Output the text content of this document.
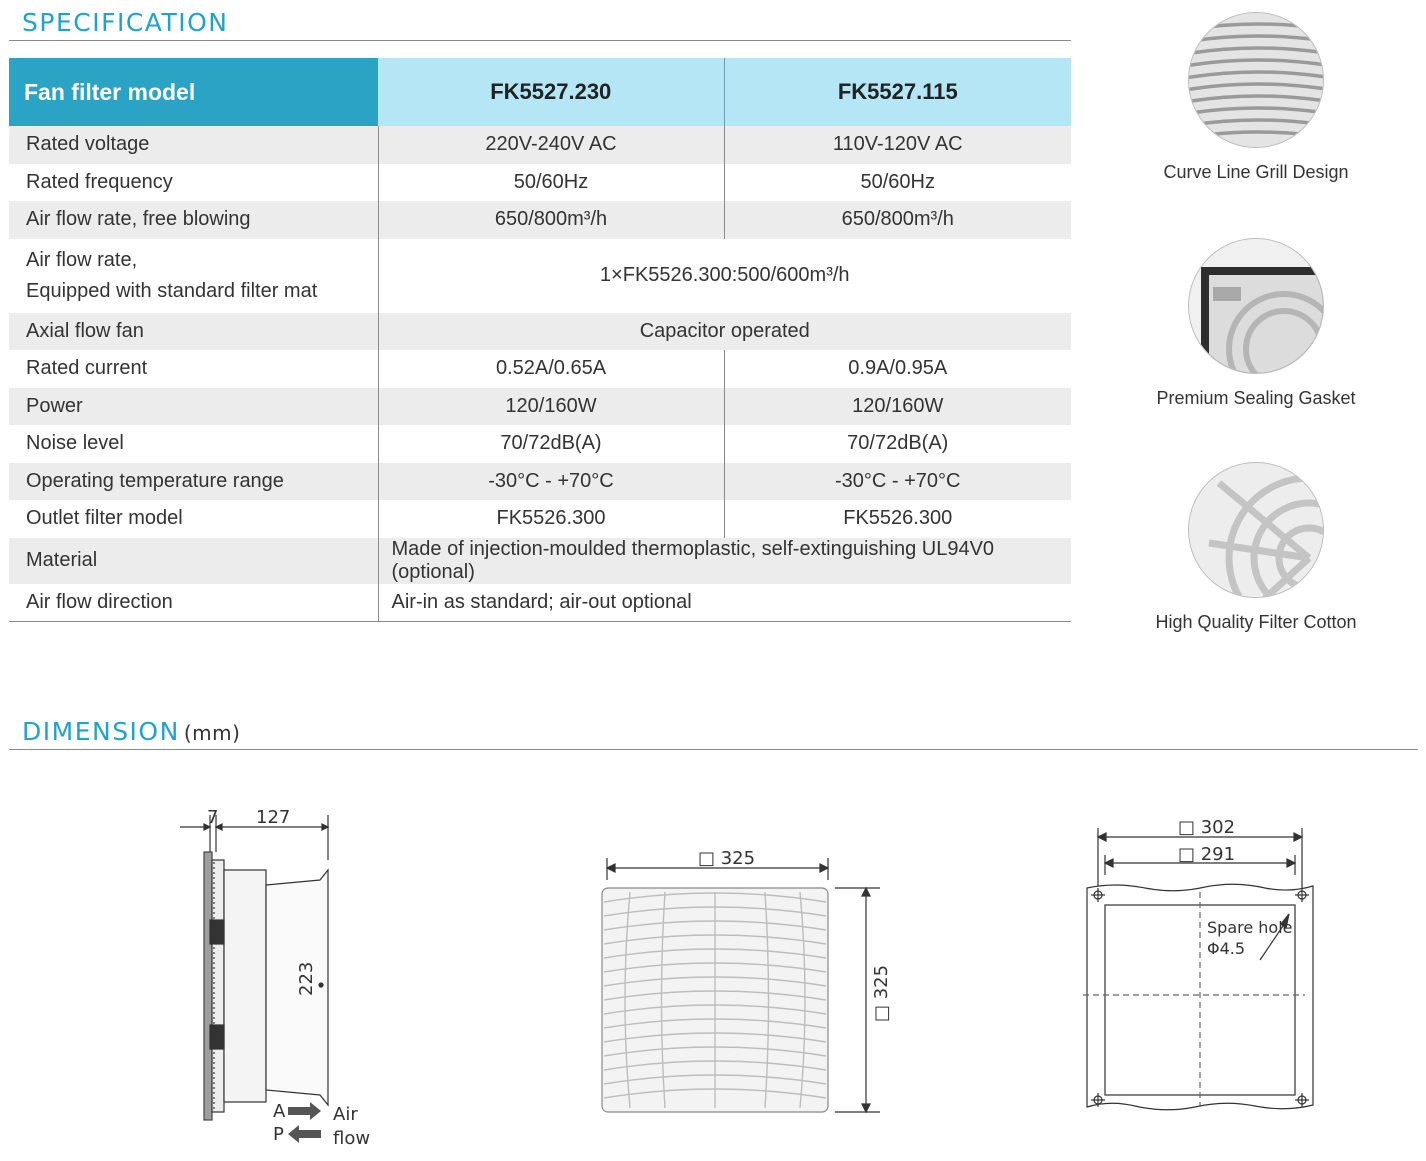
SPECIFICATION
Fan filter model	FK5527.230	FK5527.115
Rated voltage	220V-240V AC	110V-120V AC
Rated frequency	50/60Hz	50/60Hz
Air flow rate, free blowing	650/800m³/h	650/800m³/h

Air flow rate,
Equipped with standard filter mat	1×FK5526.300:500/600m³/h	
Axial flow fan	Capacitor operated	
Rated current	0.52A/0.65A	0.9A/0.95A
Power	120/160W	120/160W
Noise level	70/72dB(A)	70/72dB(A)
Operating temperature range	-30°C - +70°C	-30°C - +70°C
Outlet filter model	FK5526.300	FK5526.300
Material	Made of injection-moulded thermoplastic, self-extinguishing UL94V0 (optional)	
Air flow direction	Air-in as standard; air-out optional	
Curve Line Grill Design
Premium Sealing Gasket
High Quality Filter Cotton
DIMENSION (mm)
7 127
223
A
P
Air
flow
□ 325
□ 325
□ 302
□ 291
Spare hole
Φ4.5
